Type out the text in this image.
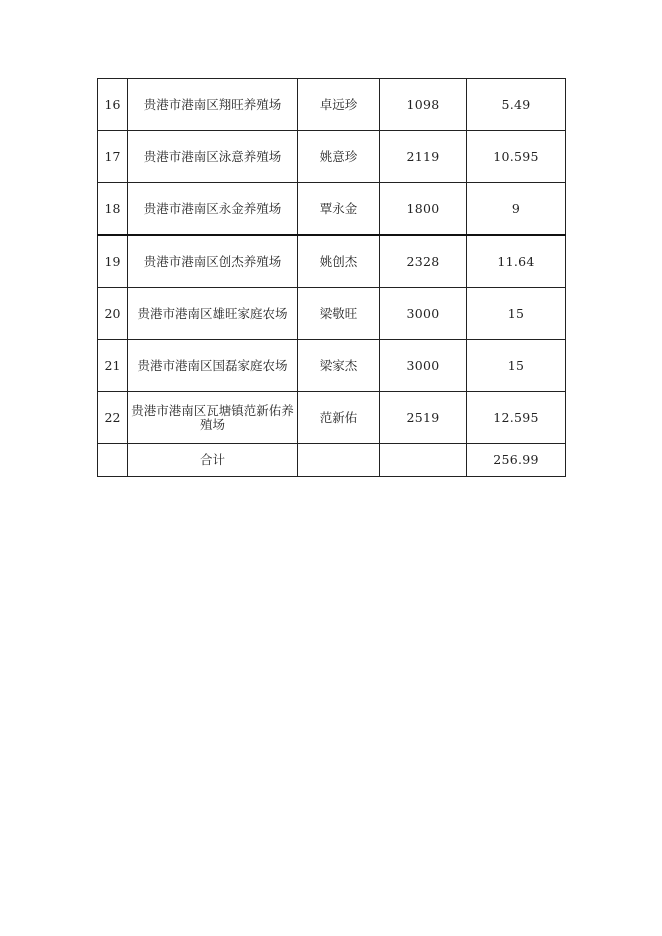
16	贵港市港南区翔旺养殖场	卓远珍	1098	5.49
17	贵港市港南区泳意养殖场	姚意珍	2119	10.595
18	贵港市港南区永金养殖场	覃永金	1800	9
19	贵港市港南区创杰养殖场	姚创杰	2328	11.64
20	贵港市港南区雄旺家庭农场	梁敬旺	3000	15
21	贵港市港南区国磊家庭农场	梁家杰	3000	15
22	贵港市港南区瓦塘镇范新佑养殖场	范新佑	2519	12.595
	合计			256.99
